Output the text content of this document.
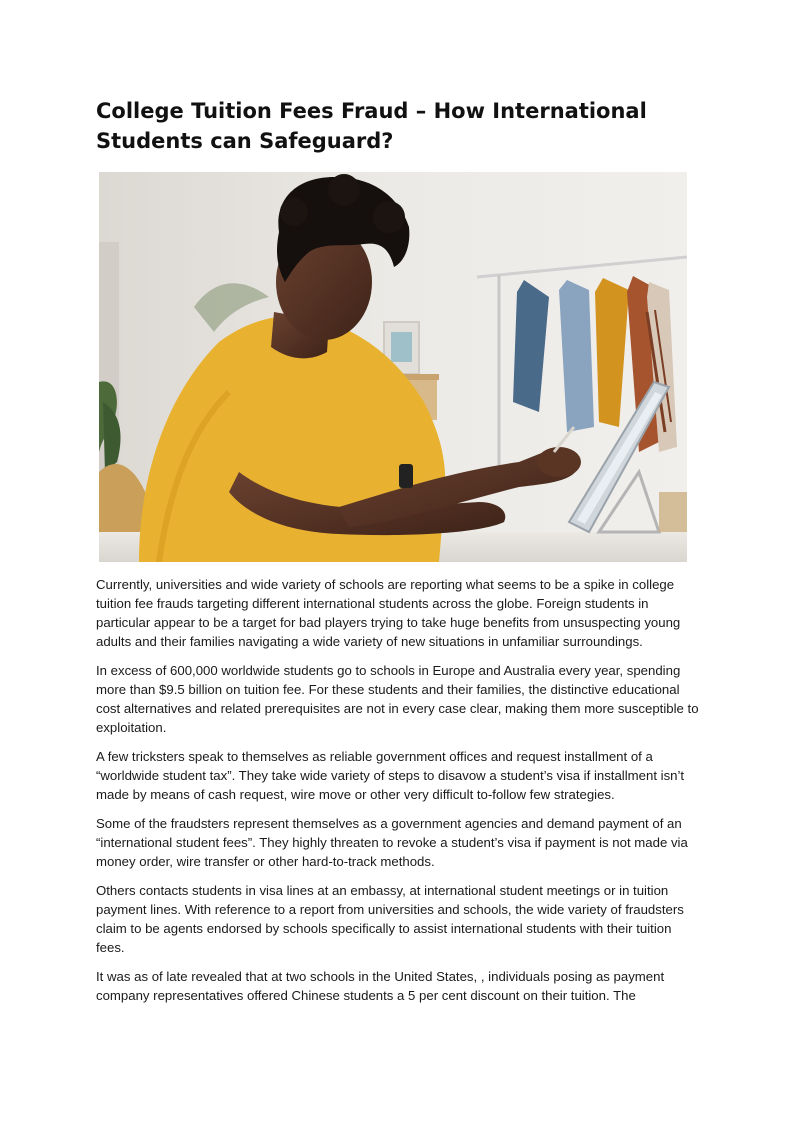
College Tuition Fees Fraud – How International Students can Safeguard?

Currently, universities and wide variety of schools are reporting what seems to be a spike in college tuition fee frauds targeting different international students across the globe. Foreign students in particular appear to be a target for bad players trying to take huge benefits from unsuspecting young adults and their families navigating a wide variety of new situations in unfamiliar surroundings.

In excess of 600,000 worldwide students go to schools in Europe and Australia every year, spending more than $9.5 billion on tuition fee. For these students and their families, the distinctive educational cost alternatives and related prerequisites are not in every case clear, making them more susceptible to exploitation.

A few tricksters speak to themselves as reliable government offices and request installment of a “worldwide student tax”. They take wide variety of steps to disavow a student’s visa if installment isn’t made by means of cash request, wire move or other very difficult to-follow few strategies.

Some of the fraudsters represent themselves as a government agencies and demand payment of an “international student fees”. They highly threaten to revoke a student’s visa if payment is not made via money order, wire transfer or other hard-to-track methods.

Others contacts students in visa lines at an embassy, at international student meetings or in tuition payment lines. With reference to a report from universities and schools, the wide variety of fraudsters claim to be agents endorsed by schools specifically to assist international students with their tuition fees.

It was as of late revealed that at two schools in the United States, , individuals posing as payment company representatives offered Chinese students a 5 per cent discount on their tuition. The
